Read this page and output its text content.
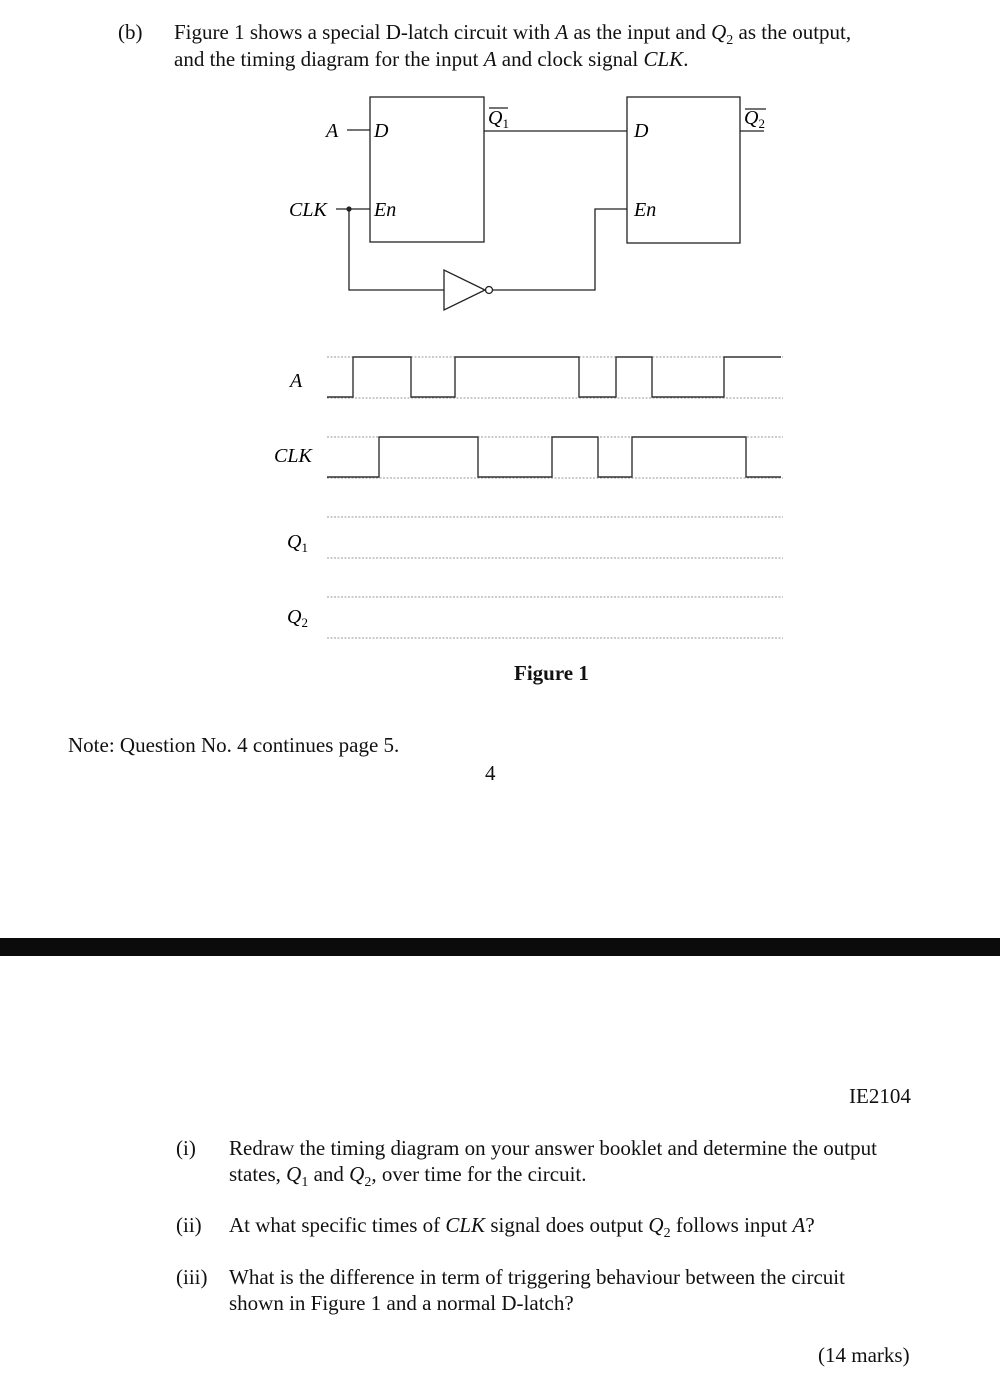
(b) Figure 1 shows a special D-latch circuit with A as the input and $Q_2$ as the output,
and the timing diagram for the input A and clock signal CLK.
A
CLK
D
En
$Q_1$	D
En
$Q_2$
A
CLK
$Q_1$
$Q_2$
Figure 1
Note: Question No. 4 continues page 5.
4
IE2104
(i) Redraw the timing diagram on your answer booklet and determine the output
states, $Q_1$ and $Q_2$, over time for the circuit.
(ii) At what specific times of CLK signal does output $Q_2$ follows input A?
(iii) What is the difference in term of triggering behaviour between the circuit
shown in Figure 1 and a normal D-latch?
(14 marks)
